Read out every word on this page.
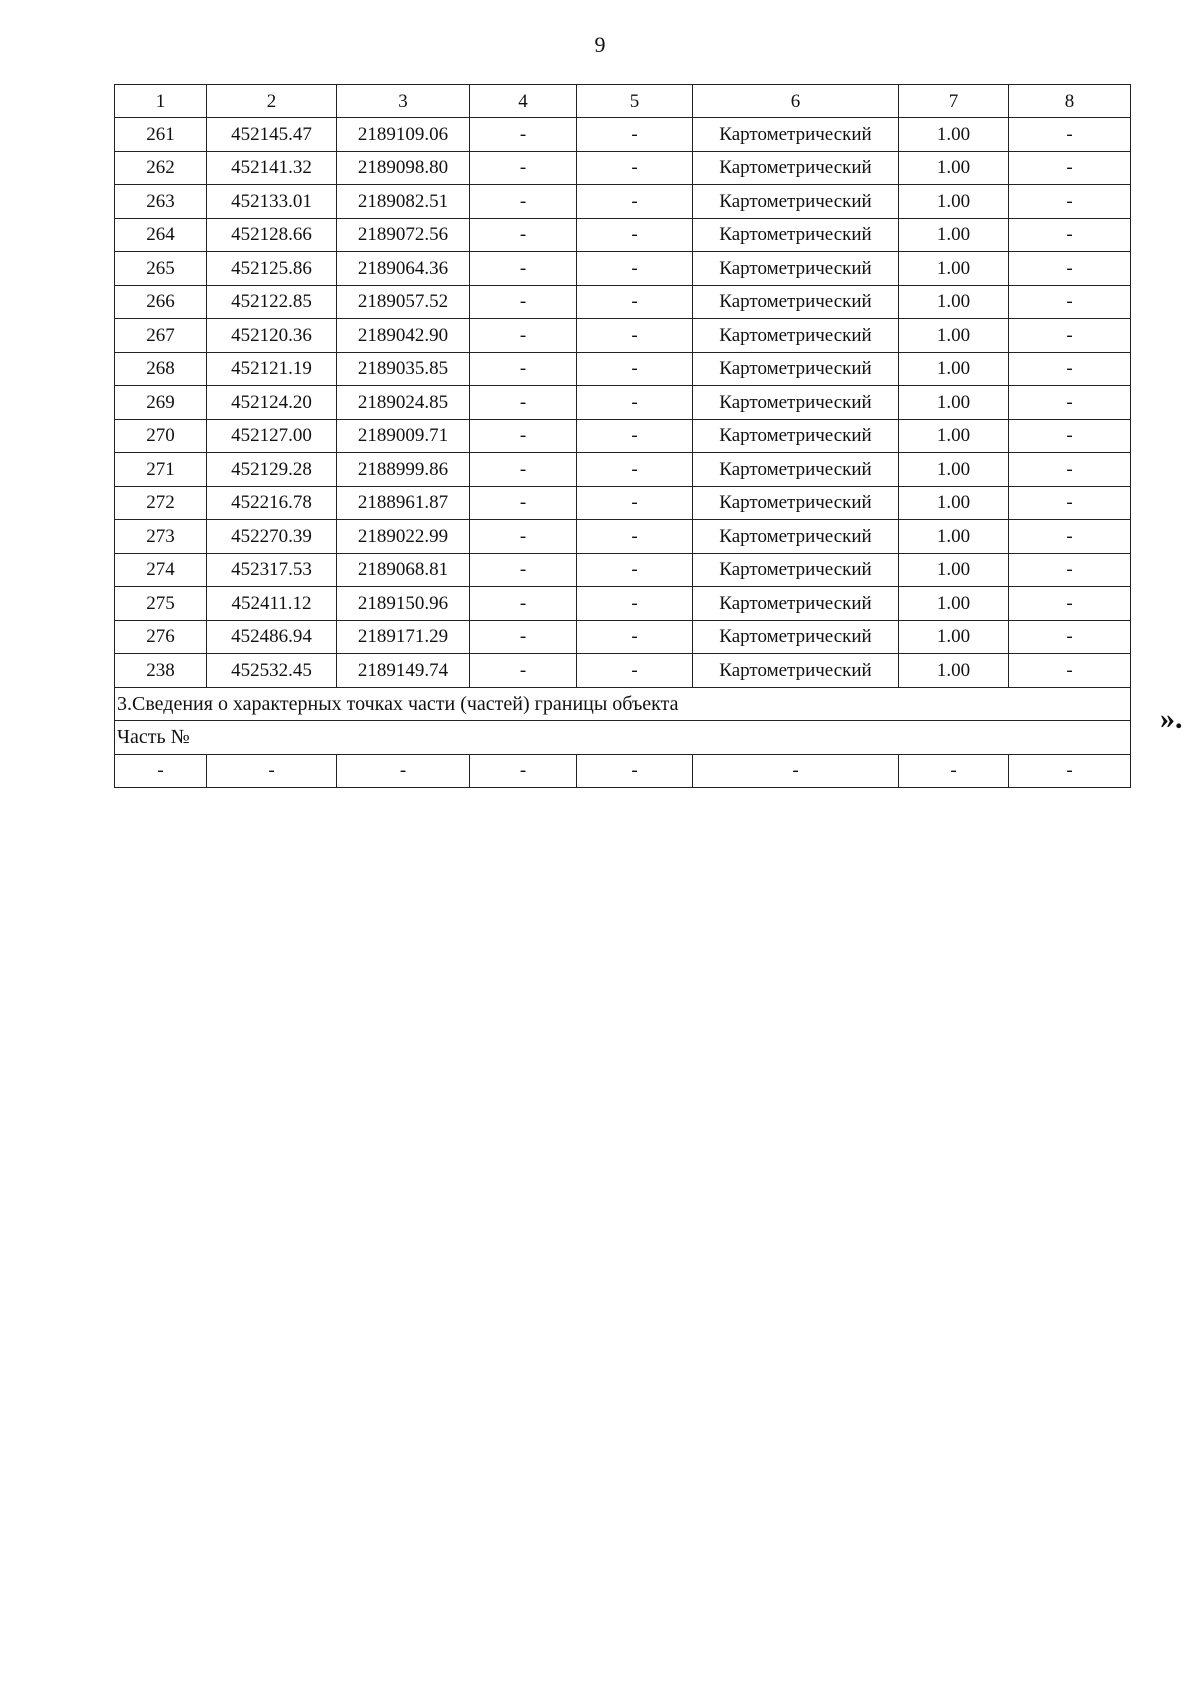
9
1	2	3	4	5	6	7	8
261	452145.47	2189109.06	-	-	Картометрический	1.00	-
262	452141.32	2189098.80	-	-	Картометрический	1.00	-
263	452133.01	2189082.51	-	-	Картометрический	1.00	-
264	452128.66	2189072.56	-	-	Картометрический	1.00	-
265	452125.86	2189064.36	-	-	Картометрический	1.00	-
266	452122.85	2189057.52	-	-	Картометрический	1.00	-
267	452120.36	2189042.90	-	-	Картометрический	1.00	-
268	452121.19	2189035.85	-	-	Картометрический	1.00	-
269	452124.20	2189024.85	-	-	Картометрический	1.00	-
270	452127.00	2189009.71	-	-	Картометрический	1.00	-
271	452129.28	2188999.86	-	-	Картометрический	1.00	-
272	452216.78	2188961.87	-	-	Картометрический	1.00	-
273	452270.39	2189022.99	-	-	Картометрический	1.00	-
274	452317.53	2189068.81	-	-	Картометрический	1.00	-
275	452411.12	2189150.96	-	-	Картометрический	1.00	-
276	452486.94	2189171.29	-	-	Картометрический	1.00	-
238	452532.45	2189149.74	-	-	Картометрический	1.00	-
3.Сведения о характерных точках части (частей) границы объекта							
Часть №							
-	-	-	-	-	-	-	-
».
